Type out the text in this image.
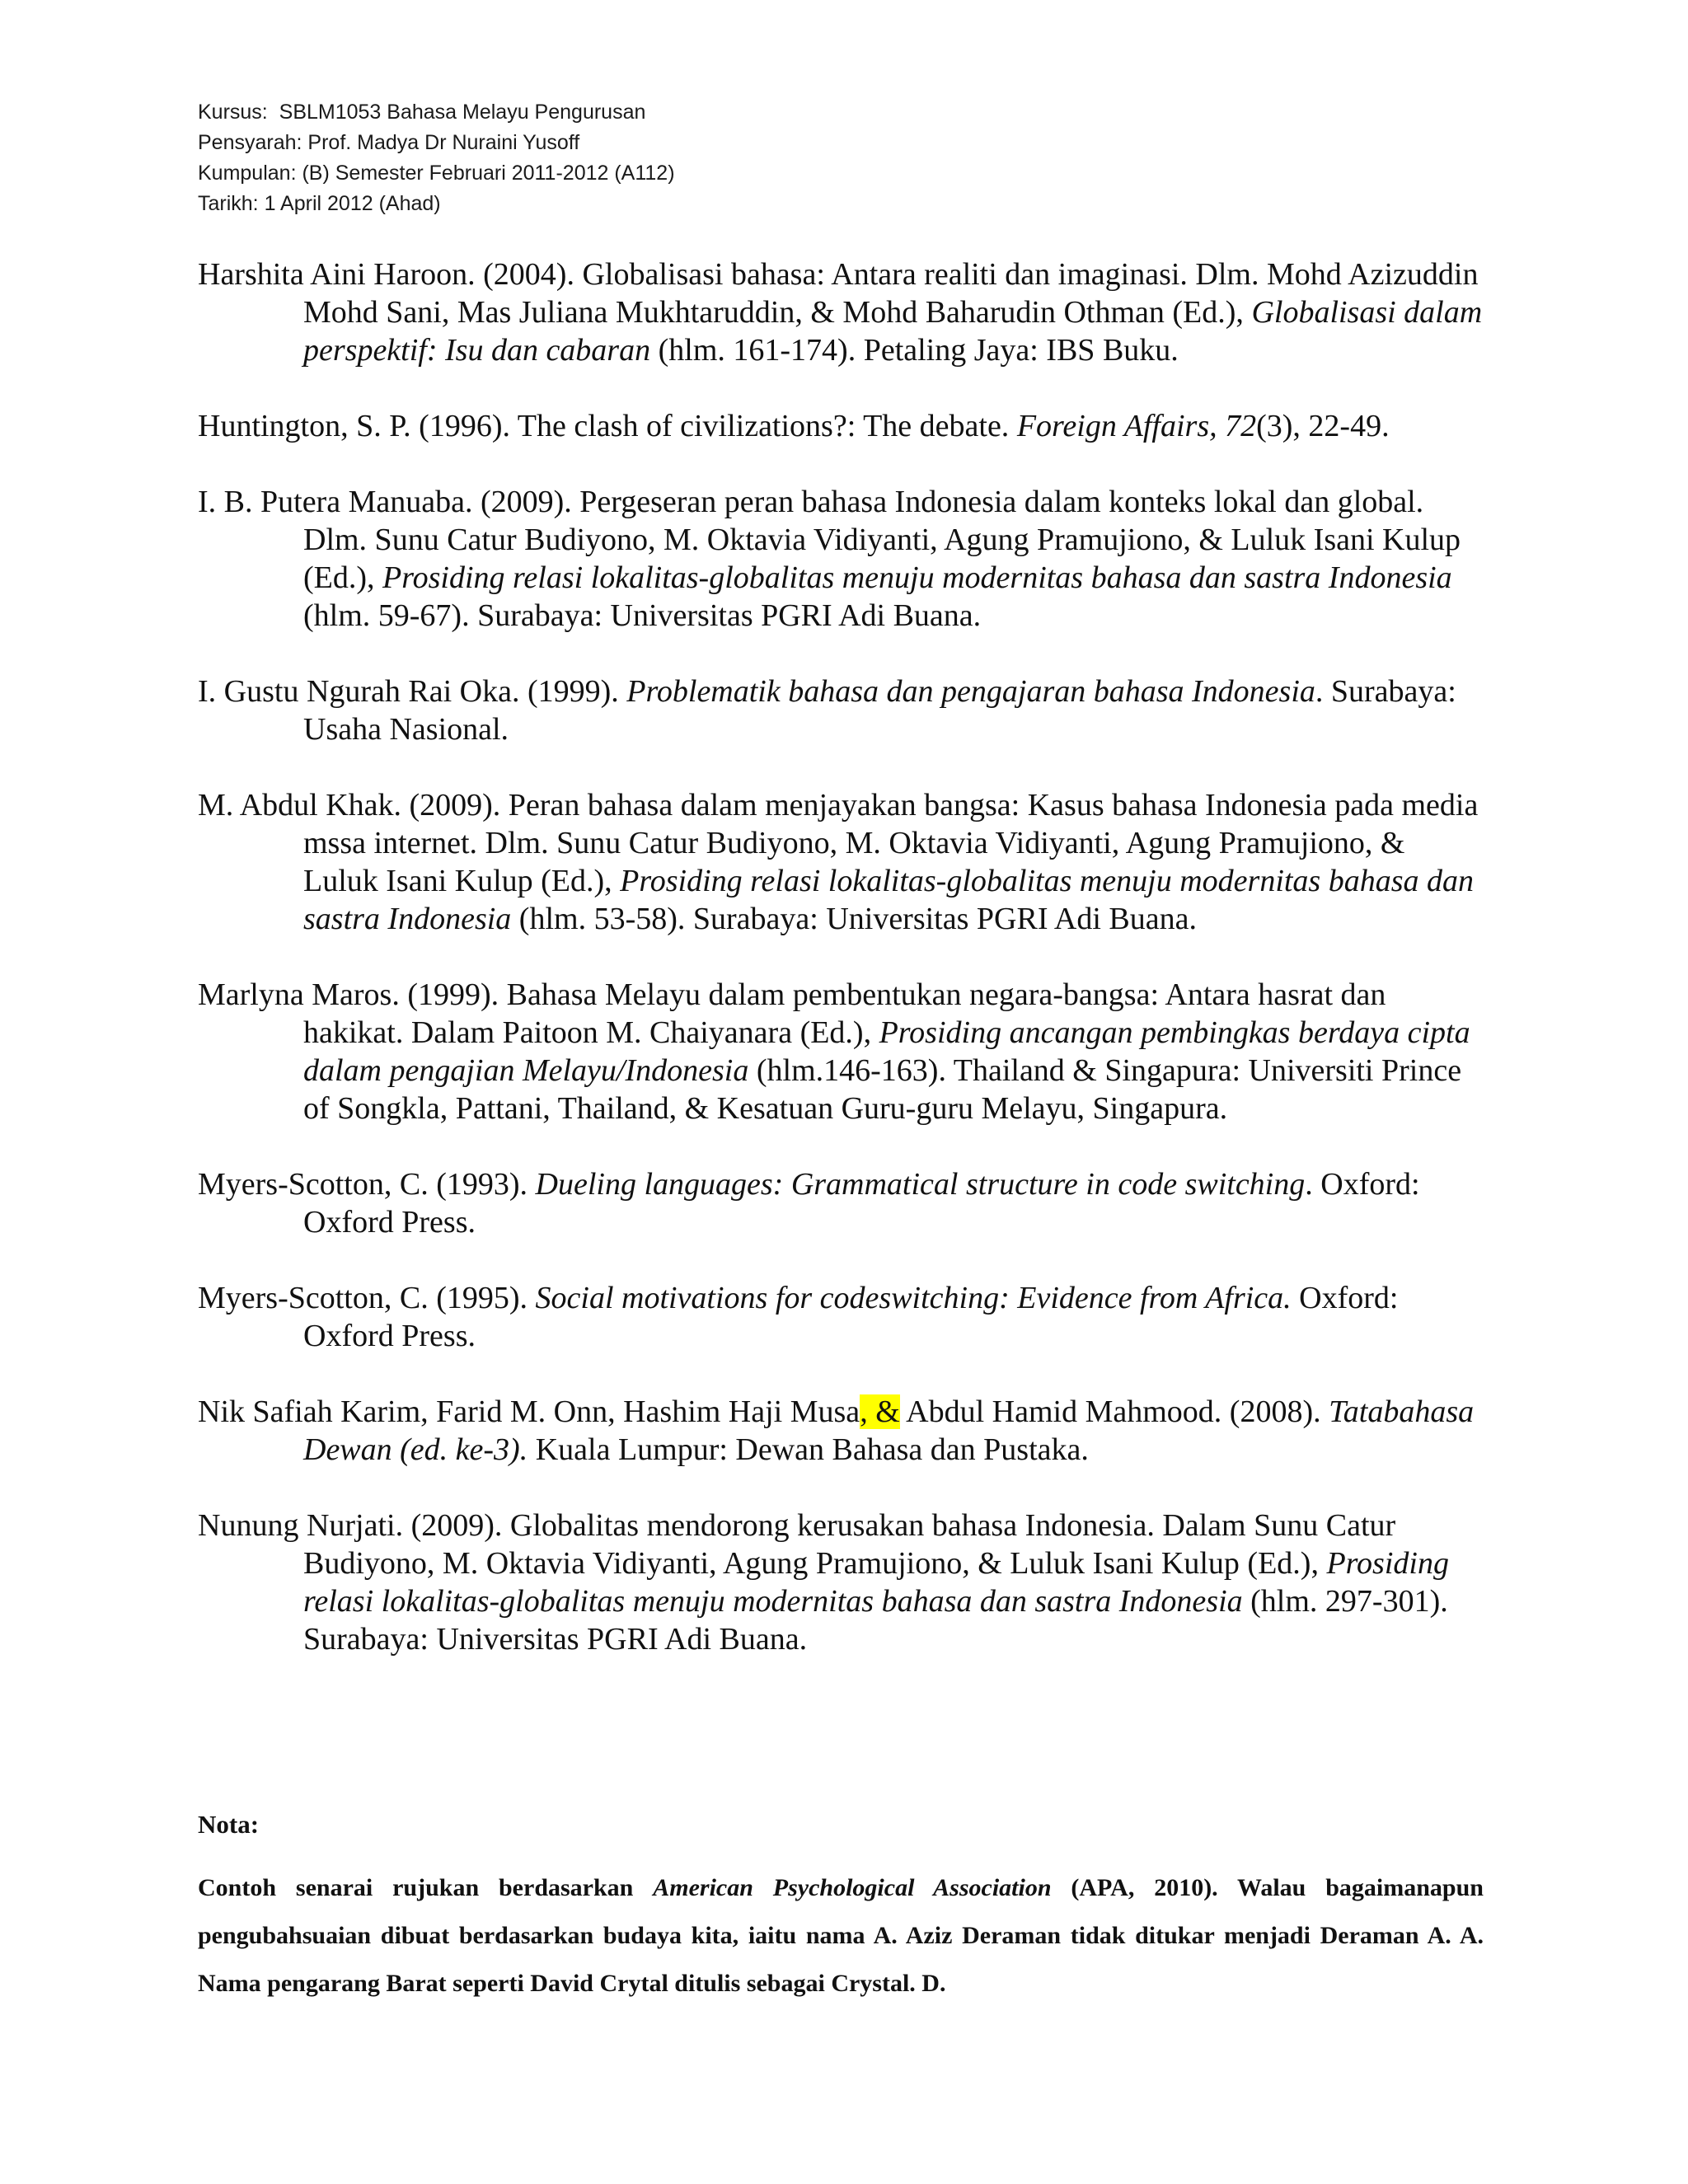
Kursus:  SBLM1053 Bahasa Melayu Pengurusan
Pensyarah: Prof. Madya Dr Nuraini Yusoff
Kumpulan: (B) Semester Februari 2011-2012 (A112)
Tarikh: 1 April 2012 (Ahad)

Harshita Aini Haroon. (2004). Globalisasi bahasa: Antara realiti dan imaginasi. Dlm. Mohd Azizuddin Mohd Sani, Mas Juliana Mukhtaruddin, & Mohd Baharudin Othman (Ed.), Globalisasi dalam perspektif: Isu dan cabaran (hlm. 161-174). Petaling Jaya: IBS Buku.

Huntington, S. P. (1996). The clash of civilizations?: The debate. Foreign Affairs, 72(3), 22-49.

I. B. Putera Manuaba. (2009). Pergeseran peran bahasa Indonesia dalam konteks lokal dan global. Dlm. Sunu Catur Budiyono, M. Oktavia Vidiyanti, Agung Pramujiono, & Luluk Isani Kulup (Ed.), Prosiding relasi lokalitas-globalitas menuju modernitas bahasa dan sastra Indonesia (hlm. 59-67). Surabaya: Universitas PGRI Adi Buana.

I. Gustu Ngurah Rai Oka. (1999). Problematik bahasa dan pengajaran bahasa Indonesia. Surabaya: Usaha Nasional.

M. Abdul Khak. (2009). Peran bahasa dalam menjayakan bangsa: Kasus bahasa Indonesia pada media mssa internet. Dlm. Sunu Catur Budiyono, M. Oktavia Vidiyanti, Agung Pramujiono, & Luluk Isani Kulup (Ed.), Prosiding relasi lokalitas-globalitas menuju modernitas bahasa dan sastra Indonesia (hlm. 53-58). Surabaya: Universitas PGRI Adi Buana.

Marlyna Maros. (1999). Bahasa Melayu dalam pembentukan negara-bangsa: Antara hasrat dan hakikat. Dalam Paitoon M. Chaiyanara (Ed.), Prosiding ancangan pembingkas berdaya cipta dalam pengajian Melayu/Indonesia (hlm.146-163). Thailand & Singapura: Universiti Prince of Songkla, Pattani, Thailand, & Kesatuan Guru-guru Melayu, Singapura.

Myers-Scotton, C. (1993). Dueling languages: Grammatical structure in code switching. Oxford: Oxford Press.

Myers-Scotton, C. (1995). Social motivations for codeswitching: Evidence from Africa. Oxford: Oxford Press.

Nik Safiah Karim, Farid M. Onn, Hashim Haji Musa, & Abdul Hamid Mahmood. (2008). Tatabahasa Dewan (ed. ke-3). Kuala Lumpur: Dewan Bahasa dan Pustaka.

Nunung Nurjati. (2009). Globalitas mendorong kerusakan bahasa Indonesia. Dalam Sunu Catur Budiyono, M. Oktavia Vidiyanti, Agung Pramujiono, & Luluk Isani Kulup (Ed.), Prosiding relasi lokalitas-globalitas menuju modernitas bahasa dan sastra Indonesia (hlm. 297-301). Surabaya: Universitas PGRI Adi Buana.

Nota:
Contoh senarai rujukan berdasarkan American Psychological Association (APA, 2010). Walau bagaimanapun pengubahsuaian dibuat berdasarkan budaya kita, iaitu nama A. Aziz Deraman tidak ditukar menjadi Deraman A. A. Nama pengarang Barat seperti David Crytal ditulis sebagai Crystal. D.
